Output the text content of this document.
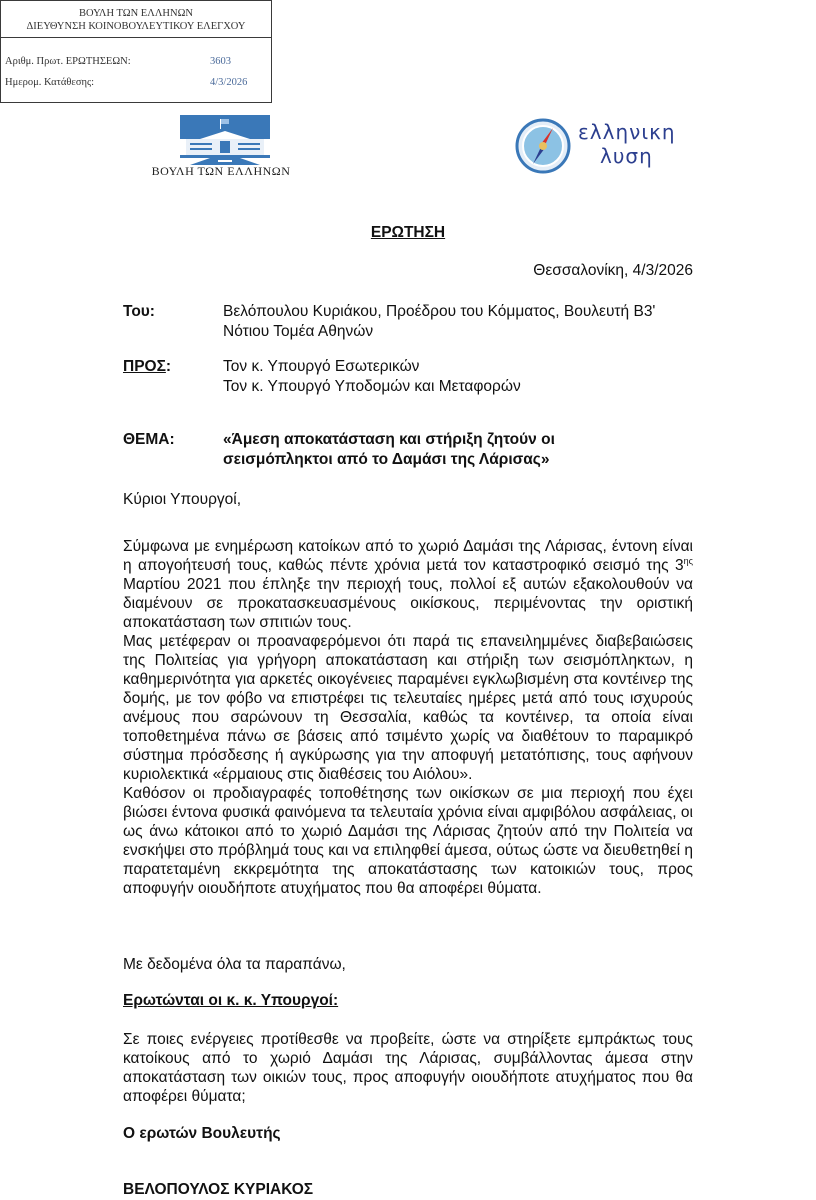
ΒΟΥΛΗ ΤΩΝ ΕΛΛΗΝΩΝ
ΔΙΕΥΘΥΝΣΗ ΚΟΙΝΟΒΟΥΛΕΥΤΙΚΟΥ ΕΛΕΓΧΟΥ
Αριθμ. Πρωτ. ΕΡΩΤΗΣΕΩΝ:	3603
Ημερομ. Κατάθεσης:	4/3/2026
ΒΟΥΛΗ ΤΩΝ ΕΛΛΗΝΩΝ
ελληνικη
λυση
ΕΡΩΤΗΣΗ
Θεσσαλονίκη, 4/3/2026
Του:	Βελόπουλου Κυριάκου, Προέδρου του Κόμματος, Βουλευτή Β3' Νότιου Τομέα Αθηνών
ΠΡΟΣ:	Τον κ. Υπουργό Εσωτερικών
Τον κ. Υπουργό Υποδομών και Μεταφορών
ΘΕΜΑ:	«Άμεση αποκατάσταση και στήριξη ζητούν οι σεισμόπληκτοι από το Δαμάσι της Λάρισας»
Κύριοι Υπουργοί,

Σύμφωνα με ενημέρωση κατοίκων από το χωριό Δαμάσι της Λάρισας, έντονη είναι η απογοήτευσή τους, καθώς πέντε χρόνια μετά τον καταστροφικό σεισμό της $3^{\eta\varsigma}$ Μαρτίου 2021 που έπληξε την περιοχή τους, πολλοί εξ αυτών εξακολουθούν να διαμένουν σε προκατασκευασμένους οικίσκους, περιμένοντας την οριστική αποκατάσταση των σπιτιών τους.

Μας μετέφεραν οι προαναφερόμενοι ότι παρά τις επανειλημμένες διαβεβαιώσεις της Πολιτείας για γρήγορη αποκατάσταση και στήριξη των σεισμόπληκτων, η καθημερινότητα για αρκετές οικογένειες παραμένει εγκλωβισμένη στα κοντέινερ της δομής, με τον φόβο να επιστρέφει τις τελευταίες ημέρες μετά από τους ισχυρούς ανέμους που σαρώνουν τη Θεσσαλία, καθώς τα κοντέινερ, τα οποία είναι τοποθετημένα πάνω σε βάσεις από τσιμέντο χωρίς να διαθέτουν το παραμικρό σύστημα πρόσδεσης ή αγκύρωσης για την αποφυγή μετατόπισης, τους αφήνουν κυριολεκτικά «έρμαιους στις διαθέσεις του Αιόλου».

Καθόσον οι προδιαγραφές τοποθέτησης των οικίσκων σε μια περιοχή που έχει βιώσει έντονα φυσικά φαινόμενα τα τελευταία χρόνια είναι αμφιβόλου ασφάλειας, οι ως άνω κάτοικοι από το χωριό Δαμάσι της Λάρισας ζητούν από την Πολιτεία να ενσκήψει στο πρόβλημά τους και να επιληφθεί άμεσα, ούτως ώστε να διευθετηθεί η παρατεταμένη εκκρεμότητα της αποκατάστασης των κατοικιών τους, προς αποφυγήν οιουδήποτε ατυχήματος που θα αποφέρει θύματα.

Με δεδομένα όλα τα παραπάνω,
Ερωτώνται οι κ. κ. Υπουργοί:
Σε ποιες ενέργειες προτίθεσθε να προβείτε, ώστε να στηρίξετε εμπράκτως τους κατοίκους από το χωριό Δαμάσι της Λάρισας, συμβάλλοντας άμεσα στην αποκατάσταση των οικιών τους, προς αποφυγήν οιουδήποτε ατυχήματος που θα αποφέρει θύματα;
Ο ερωτών Βουλευτής
ΒΕΛΟΠΟΥΛΟΣ ΚΥΡΙΑΚΟΣ
